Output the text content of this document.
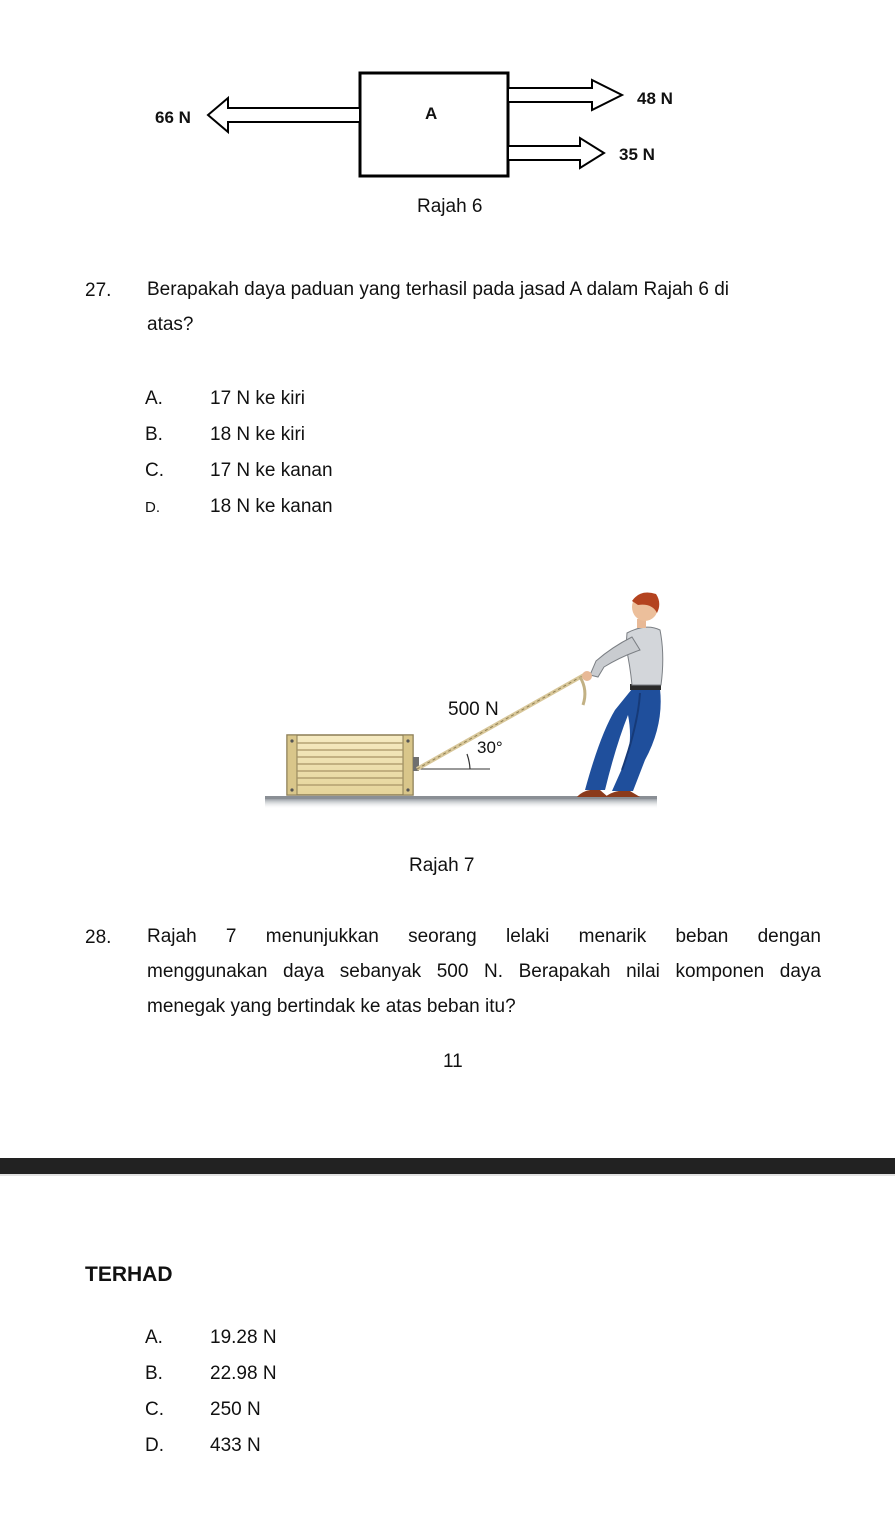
66 N	A
48 N
35 N
Rajah 6
27. Berapakah daya paduan yang terhasil pada jasad A dalam Rajah 6 di
atas?
A. 17 N ke kiri
B. 18 N ke kiri
C. 17 N ke kanan
D.	18 N ke kanan
500 N
30°
Rajah 7
28. Rajah 7 menunjukkan seorang lelaki menarik beban dengan
menggunakan daya sebanyak 500 N. Berapakah nilai komponen daya
menegak yang bertindak ke atas beban itu?
11
TERHAD
A. 19.28 N
B. 22.98 N
C. 250 N
D. 433 N
